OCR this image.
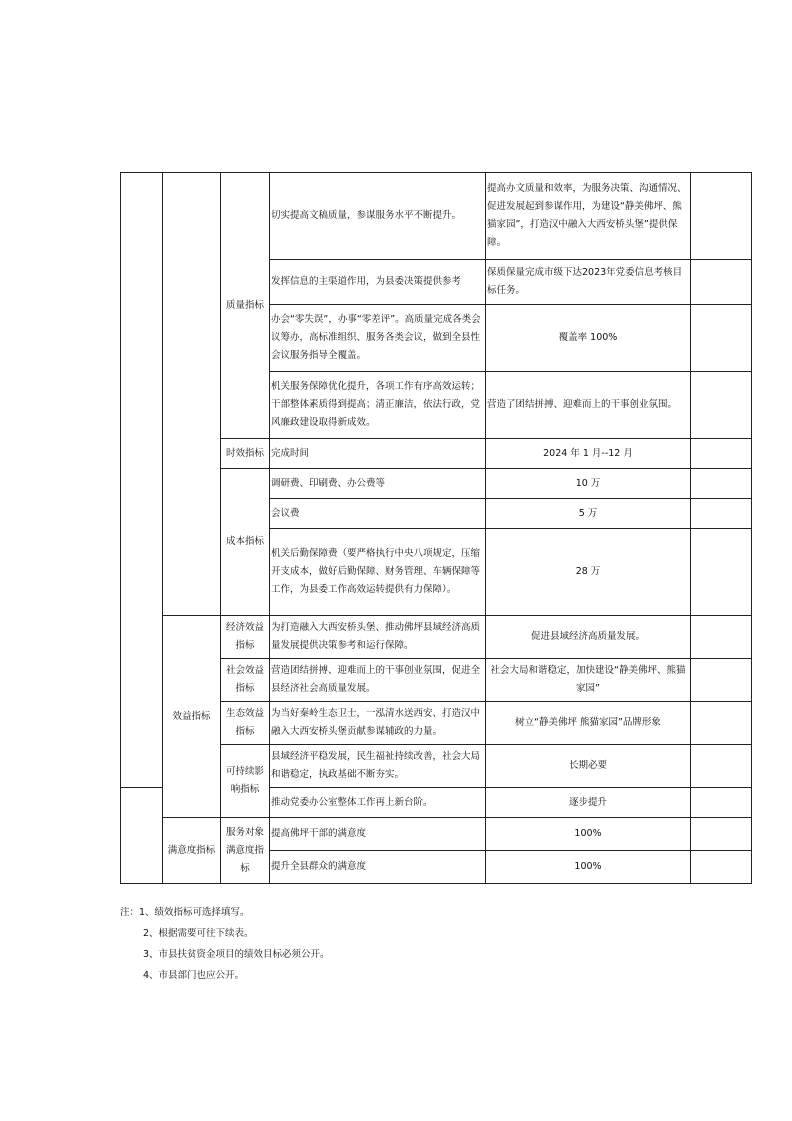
		质量指标	切实提高文稿质量，参谋服务水平不断提升。	提高办文质量和效率，为服务决策、沟通情况、促进发展起到参谋作用，为建设“静美佛坪、熊猫家园”，打造汉中融入大西安桥头堡”提供保障。	
			发挥信息的主渠道作用，为县委决策提供参考	保质保量完成市级下达2023年党委信息考核目标任务。	
			办会“零失误”，办事“零差评”。高质量完成各类会议筹办，高标准组织、服务各类会议，做到全县性会议服务指导全覆盖。	覆盖率 100%	
			机关服务保障优化提升，各项工作有序高效运转；干部整体素质得到提高；清正廉洁，依法行政，党风廉政建设取得新成效。	营造了团结拼搏、迎难而上的干事创业氛围。	
		时效指标	完成时间	2024 年 1 月--12 月	
		成本指标	调研费、印刷费、办公费等	10 万	
			会议费	5 万	
			机关后勤保障费（要严格执行中央八项规定，压缩开支成本，做好后勤保障、财务管理、车辆保障等工作，为县委工作高效运转提供有力保障）。	28 万	
	效益指标	经济效益指标	为打造融入大西安桥头堡、推动佛坪县域经济高质量发展提供决策参考和运行保障。	促进县域经济高质量发展。	
		社会效益指标	营造团结拼搏、迎难而上的干事创业氛围，促进全县经济社会高质量发展。	社会大局和谐稳定，加快建设“静美佛坪、熊猫家园”	
		生态效益指标	为当好秦岭生态卫士，一泓清水送西安、打造汉中融入大西安桥头堡贡献参谋辅政的力量。	树立“静美佛坪 熊猫家园”品牌形象	
		可持续影响指标	县域经济平稳发展，民生福祉持续改善，社会大局和谐稳定，执政基础不断夯实。	长期必要	
			推动党委办公室整体工作再上新台阶。	逐步提升	
	满意度指标	服务对象满意度指标	提高佛坪干部的满意度	100%	
			提升全县群众的满意度	100%	
注：1、绩效指标可选择填写。
2、根据需要可往下续表。
3、市县扶贫资金项目的绩效目标必须公开。
4、市县部门也应公开。
